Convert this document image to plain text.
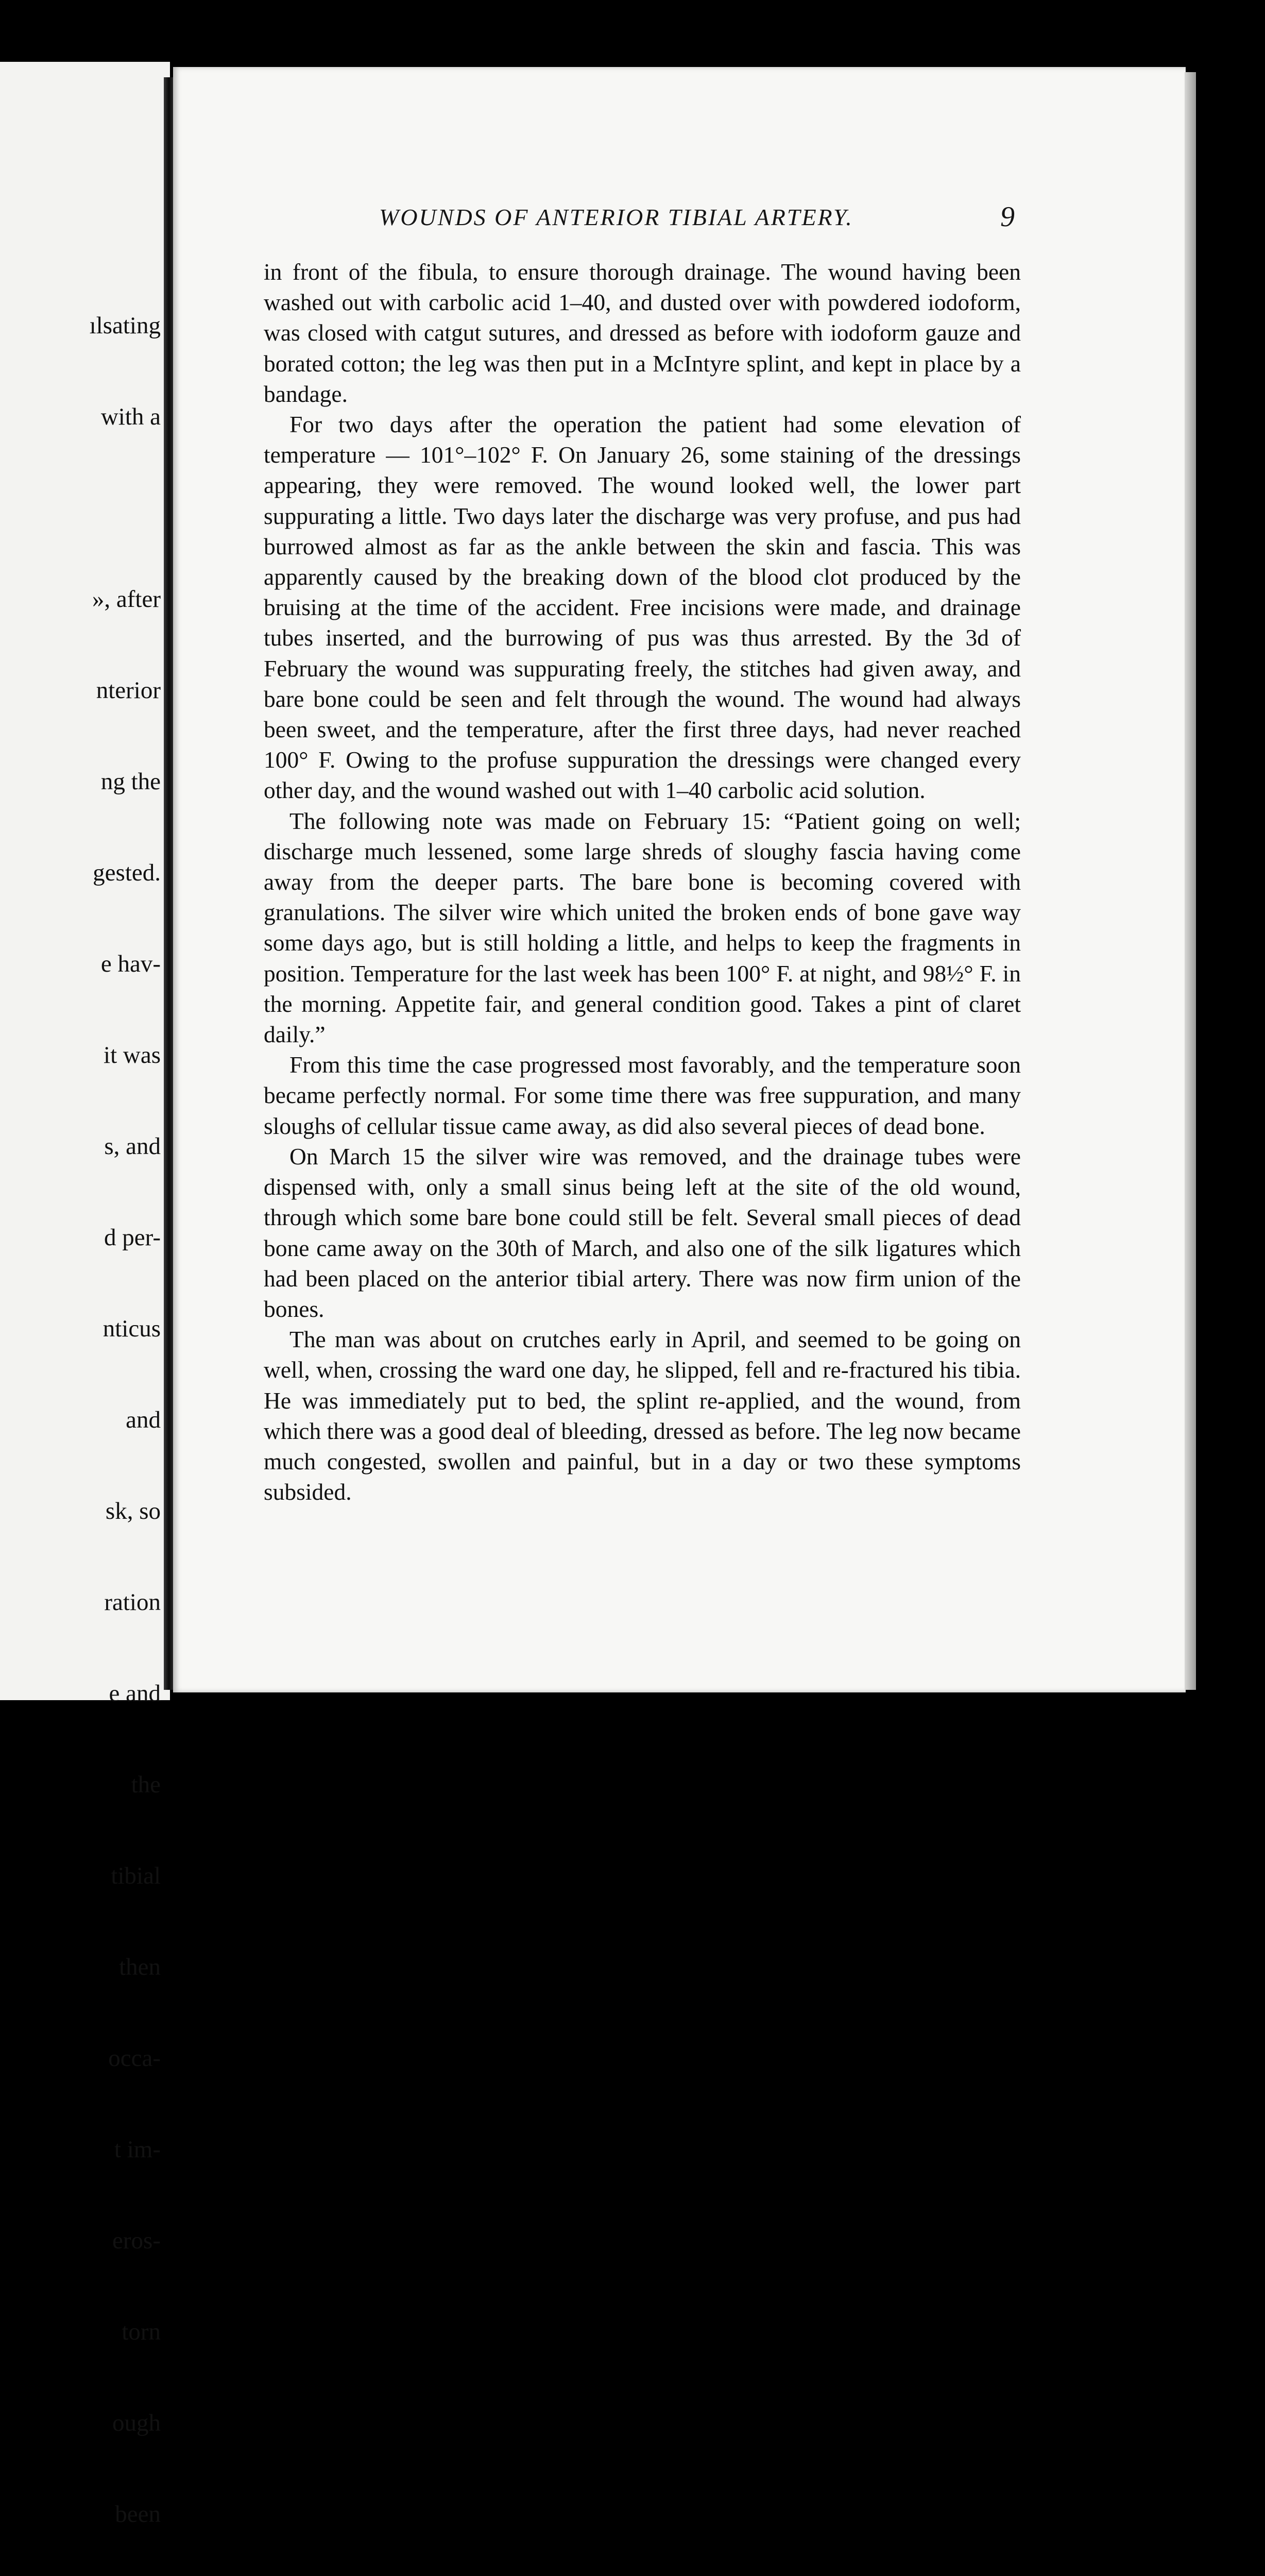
ılsating

with a

», after

nterior

ng the

gested.

e hav-

it was

s, and

d per-

nticus

and

sk, so

ration

e and

the

tibial

then

occa-

t im-

eros-

torn

ough

been

WOUNDS OF ANTERIOR TIBIAL ARTERY.	9

in front of the fibula, to ensure thorough drainage. The wound having been washed out with carbolic acid 1–40, and dusted over with powdered iodoform, was closed with catgut sutures, and dressed as before with iodoform gauze and borated cotton; the leg was then put in a McIntyre splint, and kept in place by a bandage.

For two days after the operation the patient had some elevation of temperature — 101°–102° F. On January 26, some staining of the dressings appearing, they were removed. The wound looked well, the lower part suppurating a little. Two days later the discharge was very profuse, and pus had burrowed almost as far as the ankle between the skin and fascia. This was apparently caused by the breaking down of the blood clot produced by the bruising at the time of the accident. Free incisions were made, and drainage tubes inserted, and the burrowing of pus was thus arrested. By the 3d of February the wound was suppurating freely, the stitches had given away, and bare bone could be seen and felt through the wound. The wound had always been sweet, and the temperature, after the first three days, had never reached 100° F. Owing to the profuse suppuration the dressings were changed every other day, and the wound washed out with 1–40 carbolic acid solution.

The following note was made on February 15: “Patient going on well; discharge much lessened, some large shreds of sloughy fascia having come away from the deeper parts. The bare bone is becoming covered with granulations. The silver wire which united the broken ends of bone gave way some days ago, but is still holding a little, and helps to keep the fragments in position. Temperature for the last week has been 100° F. at night, and 98½° F. in the morning. Appetite fair, and general condition good. Takes a pint of claret daily.”

From this time the case progressed most favorably, and the temperature soon became perfectly normal. For some time there was free suppuration, and many sloughs of cellular tissue came away, as did also several pieces of dead bone.

On March 15 the silver wire was removed, and the drainage tubes were dispensed with, only a small sinus being left at the site of the old wound, through which some bare bone could still be felt. Several small pieces of dead bone came away on the 30th of March, and also one of the silk ligatures which had been placed on the anterior tibial artery. There was now firm union of the bones.

The man was about on crutches early in April, and seemed to be going on well, when, crossing the ward one day, he slipped, fell and re-fractured his tibia. He was immediately put to bed, the splint re-applied, and the wound, from which there was a good deal of bleeding, dressed as before. The leg now became much congested, swollen and painful, but in a day or two these symptoms subsided.
